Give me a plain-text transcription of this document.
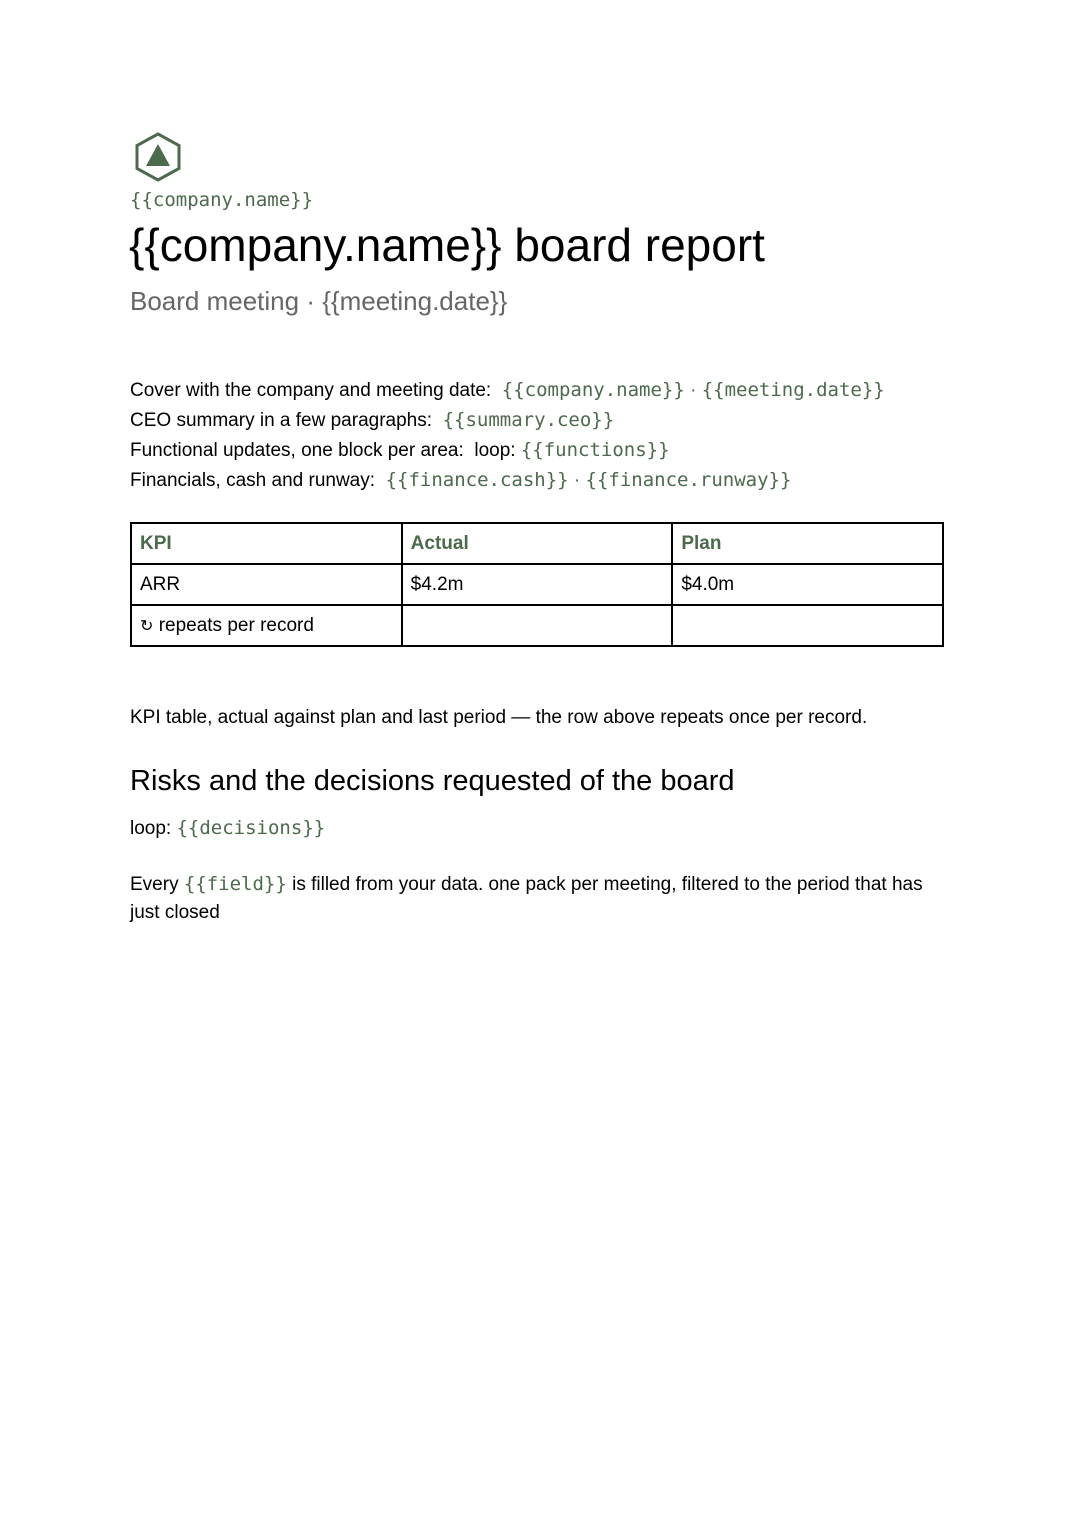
{{company.name}}
{{company.name}} board report
Board meeting · {{meeting.date}}
Cover with the company and meeting date: {{company.name}} · {{meeting.date}}
CEO summary in a few paragraphs: {{summary.ceo}}
Functional updates, one block per area: loop: {{functions}}
Financials, cash and runway: {{finance.cash}} · {{finance.runway}}
KPI	Actual	Plan
ARR	$4.2m	$4.0m
↻ repeats per record		
KPI table, actual against plan and last period — the row above repeats once per record.
Risks and the decisions requested of the board
loop: {{decisions}}
Every {{field}} is filled from your data. one pack per meeting, filtered to the period that has just closed
